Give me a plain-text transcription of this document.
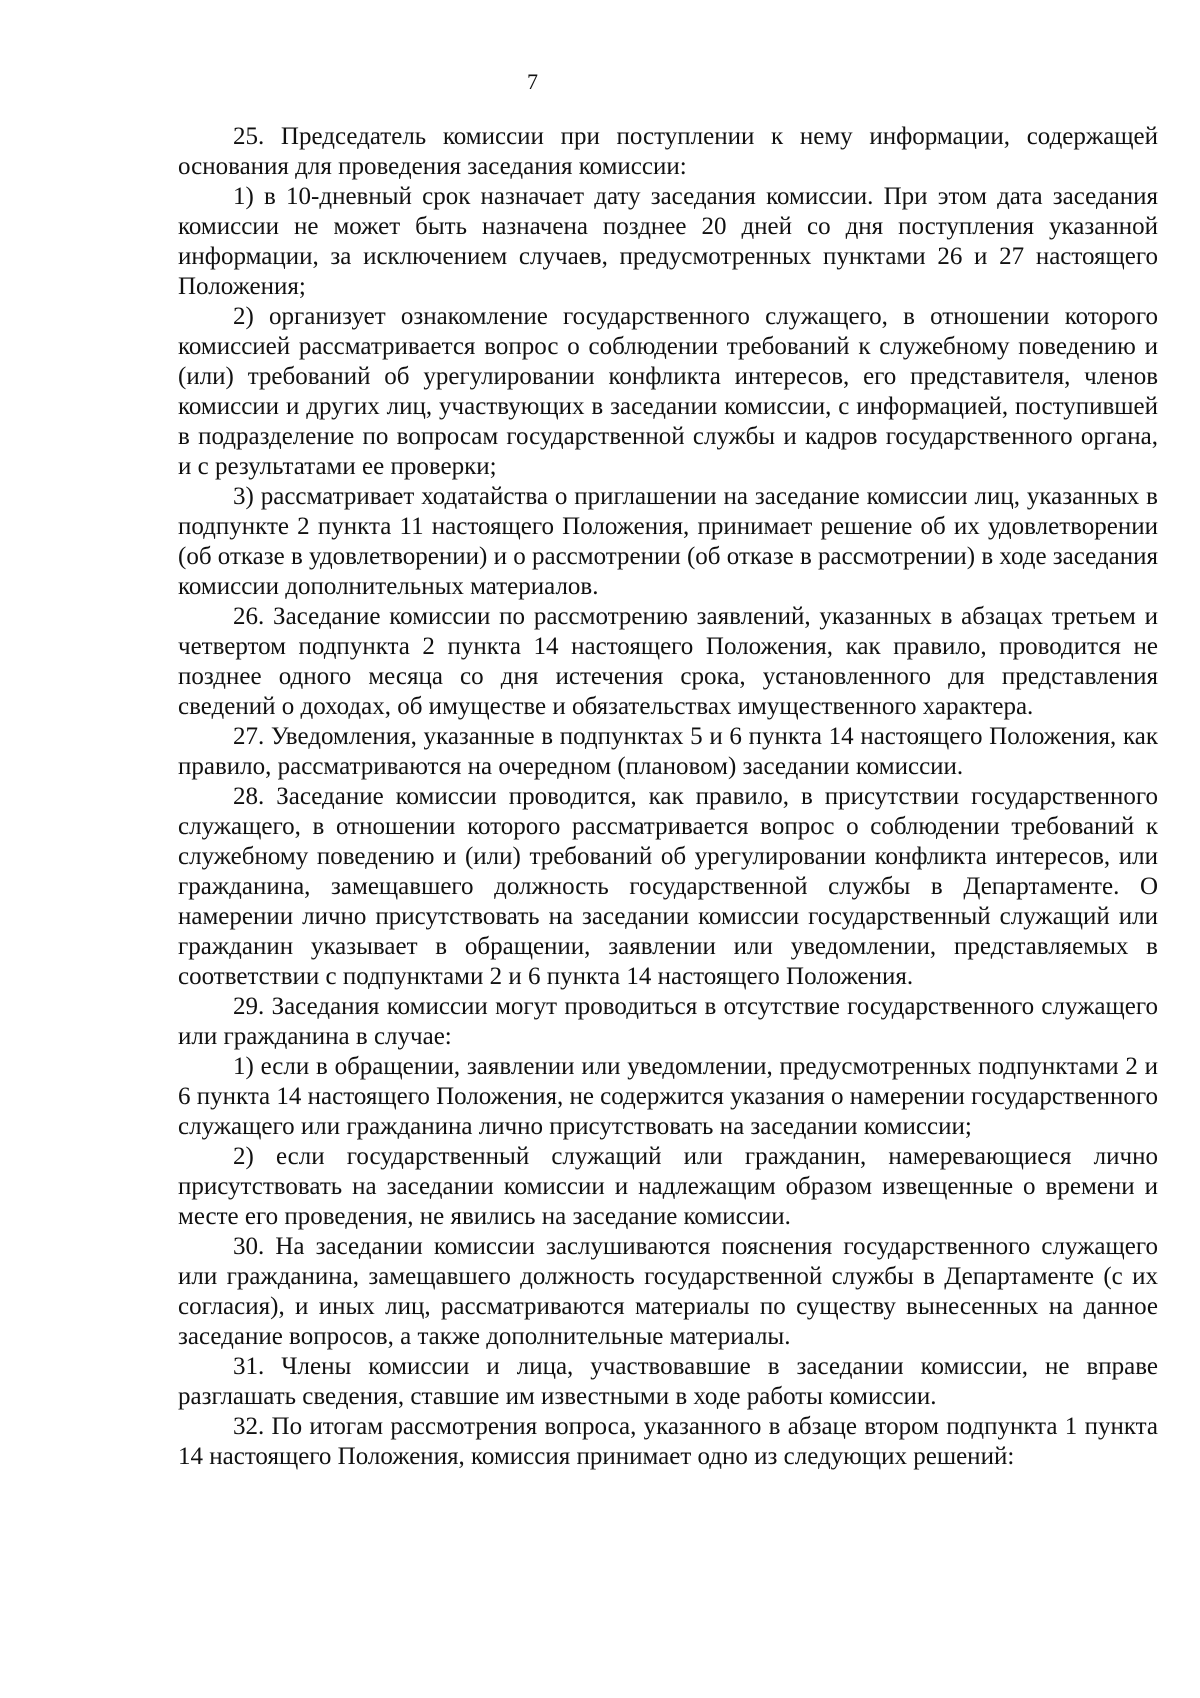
7

25. Председатель комиссии при поступлении к нему информации, содержащей основания для проведения заседания комиссии:

1) в 10-дневный срок назначает дату заседания комиссии. При этом дата заседания комиссии не может быть назначена позднее 20 дней со дня поступления указанной информации, за исключением случаев, предусмотренных пунктами 26 и 27 настоящего Положения;

2) организует ознакомление государственного служащего, в отношении которого комиссией рассматривается вопрос о соблюдении требований к служебному поведению и (или) требований об урегулировании конфликта интересов, его представителя, членов комиссии и других лиц, участвующих в заседании комиссии, с информацией, поступившей в подразделение по вопросам государственной службы и кадров государственного органа, и с результатами ее проверки;

3) рассматривает ходатайства о приглашении на заседание комиссии лиц, указанных в подпункте 2 пункта 11 настоящего Положения, принимает решение об их удовлетворении (об отказе в удовлетворении) и о рассмотрении (об отказе в рассмотрении) в ходе заседания комиссии дополнительных материалов.

26. Заседание комиссии по рассмотрению заявлений, указанных в абзацах третьем и четвертом подпункта 2 пункта 14 настоящего Положения, как правило, проводится не позднее одного месяца со дня истечения срока, установленного для представления сведений о доходах, об имуществе и обязательствах имущественного характера.

27. Уведомления, указанные в подпунктах 5 и 6 пункта 14 настоящего Положения, как правило, рассматриваются на очередном (плановом) заседании комиссии.

28. Заседание комиссии проводится, как правило, в присутствии государственного служащего, в отношении которого рассматривается вопрос о соблюдении требований к служебному поведению и (или) требований об урегулировании конфликта интересов, или гражданина, замещавшего должность государственной службы в Департаменте. О намерении лично присутствовать на заседании комиссии государственный служащий или гражданин указывает в обращении, заявлении или уведомлении, представляемых в соответствии с подпунктами 2 и 6 пункта 14 настоящего Положения.

29. Заседания комиссии могут проводиться в отсутствие государственного служащего или гражданина в случае:

1) если в обращении, заявлении или уведомлении, предусмотренных подпунктами 2 и 6 пункта 14 настоящего Положения, не содержится указания о намерении государственного служащего или гражданина лично присутствовать на заседании комиссии;

2) если государственный служащий или гражданин, намеревающиеся лично присутствовать на заседании комиссии и надлежащим образом извещенные о времени и месте его проведения, не явились на заседание комиссии.

30. На заседании комиссии заслушиваются пояснения государственного служащего или гражданина, замещавшего должность государственной службы в Департаменте (с их согласия), и иных лиц, рассматриваются материалы по существу вынесенных на данное заседание вопросов, а также дополнительные материалы.

31. Члены комиссии и лица, участвовавшие в заседании комиссии, не вправе разглашать сведения, ставшие им известными в ходе работы комиссии.

32. По итогам рассмотрения вопроса, указанного в абзаце втором подпункта 1 пункта 14 настоящего Положения, комиссия принимает одно из следующих решений:
